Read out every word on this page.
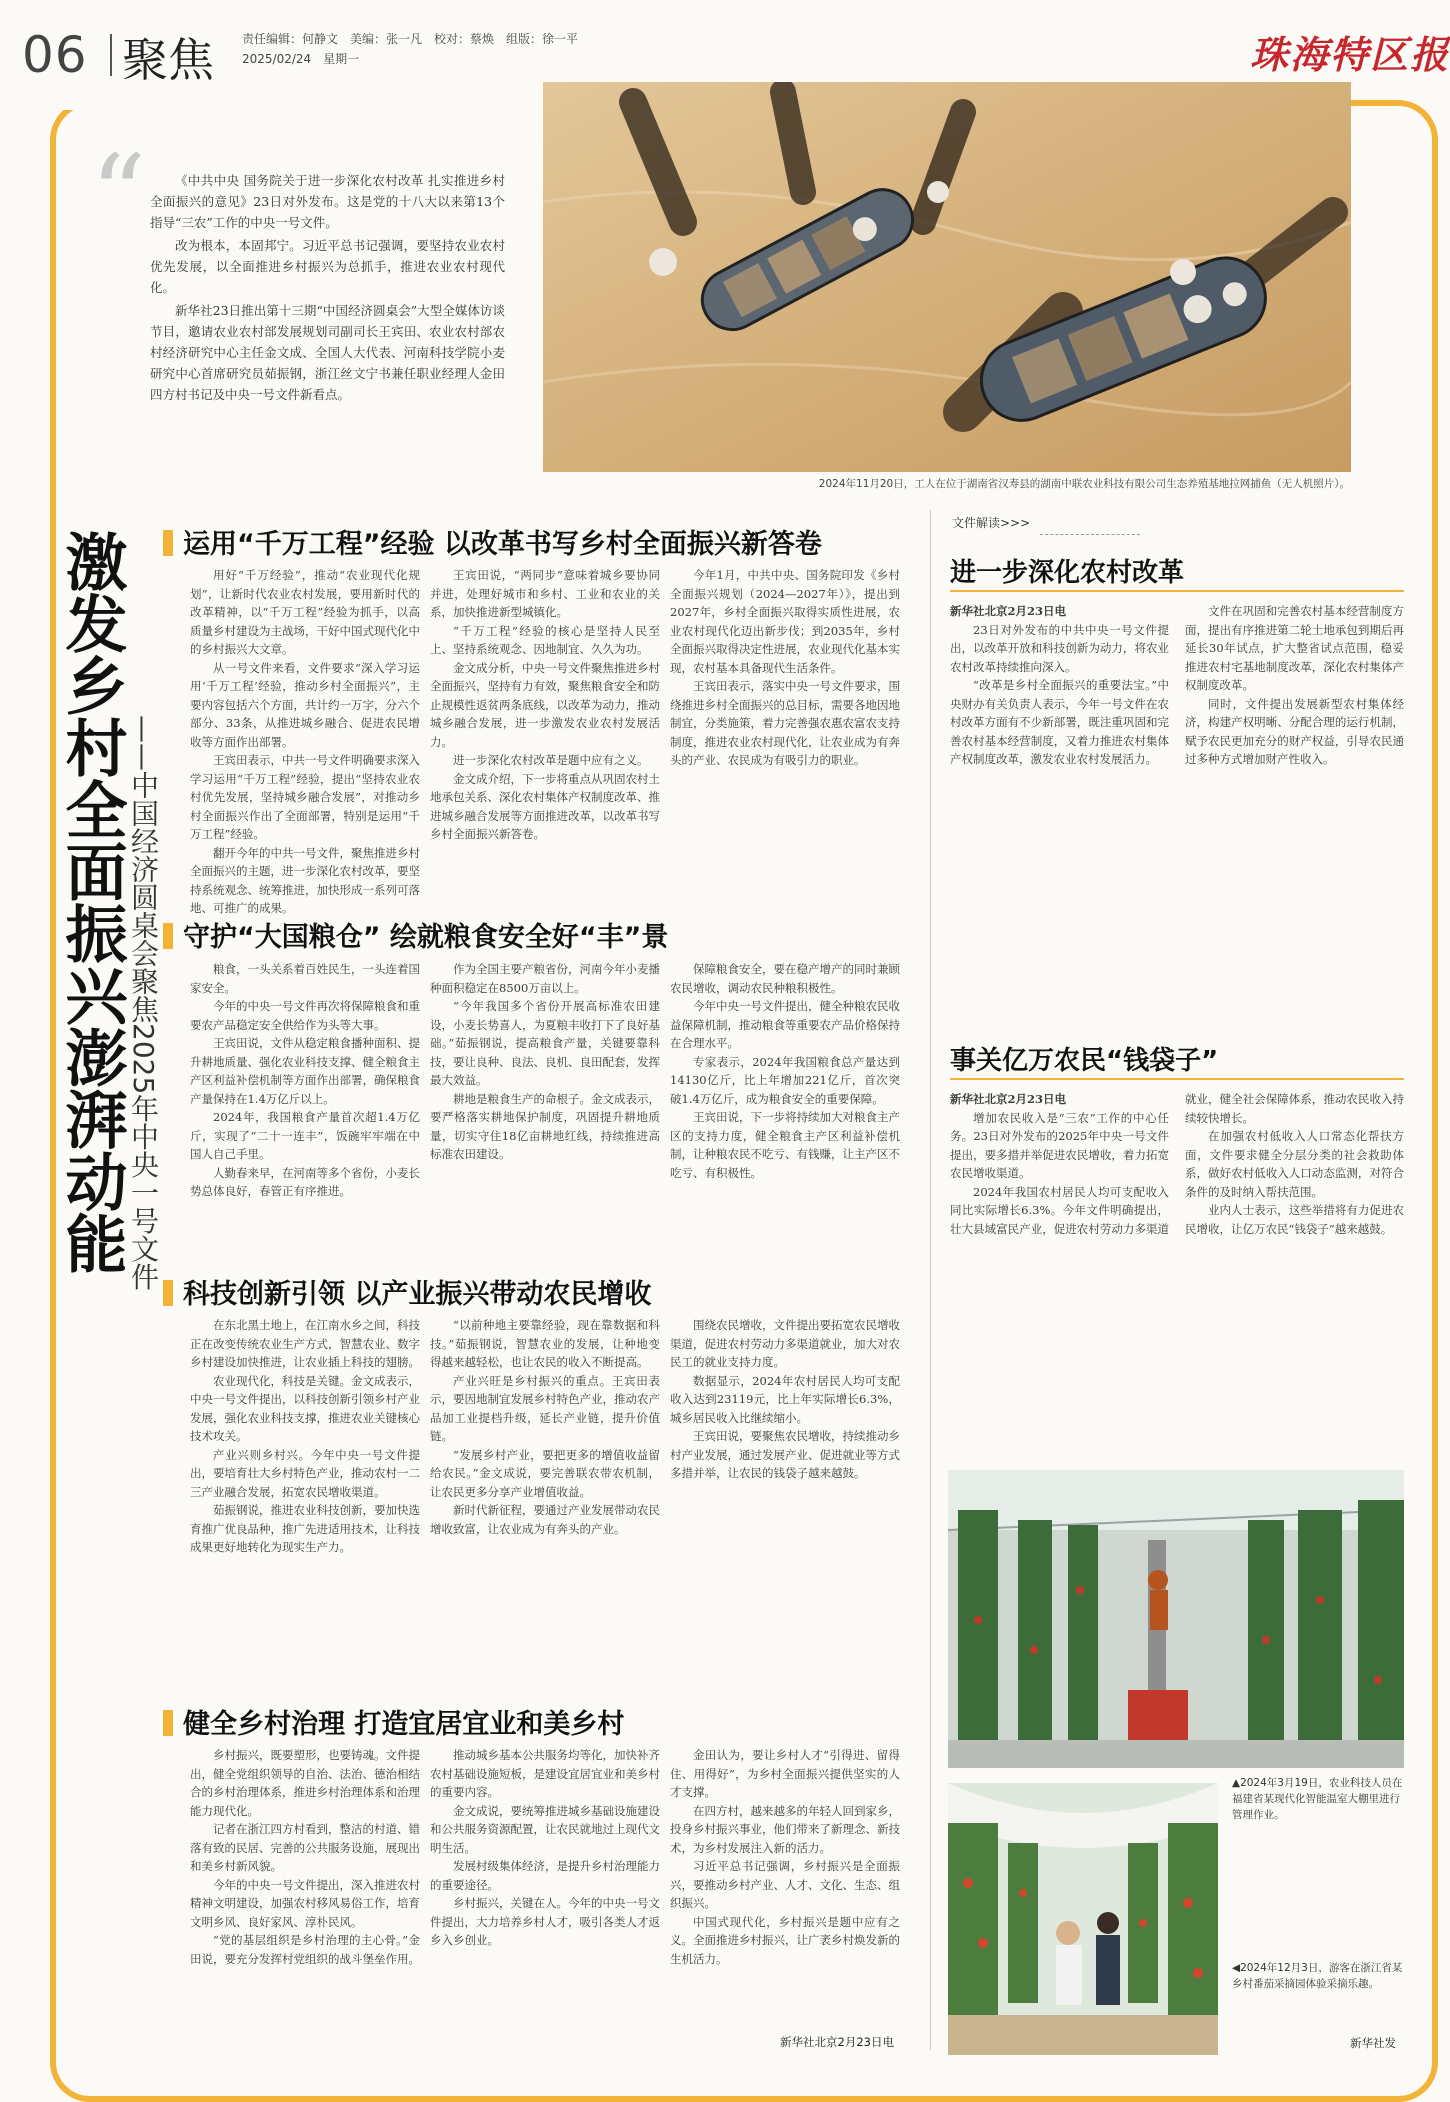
06 聚焦 责任编辑：何静文　美编：张一凡　校对：蔡焕　组版：徐一平
2025/02/24　星期一	珠海特区报
“	《中共中央 国务院关于进一步深化农村改革 扎实推进乡村全面振兴的意见》23日对外发布。这是党的十八大以来第13个指导“三农”工作的中央一号文件。

改为根本，本固邦宁。习近平总书记强调，要坚持农业农村优先发展，以全面推进乡村振兴为总抓手，推进农业农村现代化。

新华社23日推出第十三期“中国经济圆桌会”大型全媒体访谈节目，邀请农业农村部发展规划司副司长王宾田、农业农村部农村经济研究中心主任金文成、全国人大代表、河南科技学院小麦研究中心首席研究员茹振钢，浙江丝文宁书兼任职业经理人金田四方村书记及中央一号文件新看点。

2024年11月20日，工人在位于湖南省汉寿县的湖南中联农业科技有限公司生态养殖基地拉网捕鱼（无人机照片）。
激发乡村全面振兴澎湃动能 ——中国经济圆桌会聚焦2025年中央一号文件
运用“千万工程”经验 以改革书写乡村全面振兴新答卷

用好“千万经验”，推动“农业现代化规划”，让新时代农业农村发展，要用新时代的改革精神，以“千万工程”经验为抓手，以高质量乡村建设为主战场，干好中国式现代化中的乡村振兴大文章。

从一号文件来看，文件要求“深入学习运用‘千万工程’经验，推动乡村全面振兴”，主要内容包括六个方面，共计约一万字，分六个部分、33条，从推进城乡融合、促进农民增收等方面作出部署。

王宾田表示，中共一号文件明确要求深入学习运用“千万工程”经验，提出“坚持农业农村优先发展，坚持城乡融合发展”，对推动乡村全面振兴作出了全面部署，特别是运用“千万工程”经验。

翻开今年的中共一号文件，聚焦推进乡村全面振兴的主题，进一步深化农村改革，要坚持系统观念、统筹推进，加快形成一系列可落地、可推广的成果。

王宾田说，“两同步”意味着城乡要协同并进，处理好城市和乡村、工业和农业的关系，加快推进新型城镇化。

“千万工程”经验的核心是坚持人民至上、坚持系统观念、因地制宜、久久为功。

金文成分析，中央一号文件聚焦推进乡村全面振兴，坚持有力有效，聚焦粮食安全和防止规模性返贫两条底线，以改革为动力，推动城乡融合发展，进一步激发农业农村发展活力。

进一步深化农村改革是题中应有之义。

金文成介绍，下一步将重点从巩固农村土地承包关系、深化农村集体产权制度改革、推进城乡融合发展等方面推进改革，以改革书写乡村全面振兴新答卷。

今年1月，中共中央、国务院印发《乡村全面振兴规划（2024—2027年）》，提出到2027年，乡村全面振兴取得实质性进展，农业农村现代化迈出新步伐；到2035年，乡村全面振兴取得决定性进展，农业现代化基本实现，农村基本具备现代生活条件。

王宾田表示，落实中央一号文件要求，围绕推进乡村全面振兴的总目标，需要各地因地制宜，分类施策，着力完善强农惠农富农支持制度，推进农业农村现代化，让农业成为有奔头的产业、农民成为有吸引力的职业。

守护“大国粮仓” 绘就粮食安全好“丰”景

粮食，一头关系着百姓民生，一头连着国家安全。

今年的中央一号文件再次将保障粮食和重要农产品稳定安全供给作为头等大事。

王宾田说，文件从稳定粮食播种面积、提升耕地质量、强化农业科技支撑、健全粮食主产区利益补偿机制等方面作出部署，确保粮食产量保持在1.4万亿斤以上。

2024年，我国粮食产量首次超1.4万亿斤，实现了“二十一连丰”，饭碗牢牢端在中国人自己手里。

人勤春来早，在河南等多个省份，小麦长势总体良好，春管正有序推进。

作为全国主要产粮省份，河南今年小麦播种面积稳定在8500万亩以上。

“今年我国多个省份开展高标准农田建设，小麦长势喜人，为夏粮丰收打下了良好基础。”茹振钢说，提高粮食产量，关键要靠科技，要让良种、良法、良机、良田配套，发挥最大效益。

耕地是粮食生产的命根子。金文成表示，要严格落实耕地保护制度，巩固提升耕地质量，切实守住18亿亩耕地红线，持续推进高标准农田建设。

保障粮食安全，要在稳产增产的同时兼顾农民增收，调动农民种粮积极性。

今年中央一号文件提出，健全种粮农民收益保障机制，推动粮食等重要农产品价格保持在合理水平。

专家表示，2024年我国粮食总产量达到14130亿斤，比上年增加221亿斤，首次突破1.4万亿斤，成为粮食安全的重要保障。

王宾田说，下一步将持续加大对粮食主产区的支持力度，健全粮食主产区利益补偿机制，让种粮农民不吃亏、有钱赚，让主产区不吃亏、有积极性。

科技创新引领 以产业振兴带动农民增收

在东北黑土地上，在江南水乡之间，科技正在改变传统农业生产方式，智慧农业、数字乡村建设加快推进，让农业插上科技的翅膀。

农业现代化，科技是关键。金文成表示，中央一号文件提出，以科技创新引领乡村产业发展，强化农业科技支撑，推进农业关键核心技术攻关。

产业兴则乡村兴。今年中央一号文件提出，要培育壮大乡村特色产业，推动农村一二三产业融合发展，拓宽农民增收渠道。

茹振钢说，推进农业科技创新，要加快选育推广优良品种，推广先进适用技术，让科技成果更好地转化为现实生产力。

“以前种地主要靠经验，现在靠数据和科技。”茹振钢说，智慧农业的发展，让种地变得越来越轻松，也让农民的收入不断提高。

产业兴旺是乡村振兴的重点。王宾田表示，要因地制宜发展乡村特色产业，推动农产品加工业提档升级，延长产业链，提升价值链。

“发展乡村产业，要把更多的增值收益留给农民。”金文成说，要完善联农带农机制，让农民更多分享产业增值收益。

新时代新征程，要通过产业发展带动农民增收致富，让农业成为有奔头的产业。

围绕农民增收，文件提出要拓宽农民增收渠道，促进农村劳动力多渠道就业，加大对农民工的就业支持力度。

数据显示，2024年农村居民人均可支配收入达到23119元，比上年实际增长6.3%，城乡居民收入比继续缩小。

王宾田说，要聚焦农民增收，持续推动乡村产业发展，通过发展产业、促进就业等方式多措并举，让农民的钱袋子越来越鼓。

健全乡村治理 打造宜居宜业和美乡村

乡村振兴，既要塑形，也要铸魂。文件提出，健全党组织领导的自治、法治、德治相结合的乡村治理体系，推进乡村治理体系和治理能力现代化。

记者在浙江四方村看到，整洁的村道、错落有致的民居、完善的公共服务设施，展现出和美乡村新风貌。

今年的中央一号文件提出，深入推进农村精神文明建设，加强农村移风易俗工作，培育文明乡风、良好家风、淳朴民风。

“党的基层组织是乡村治理的主心骨。”金田说，要充分发挥村党组织的战斗堡垒作用。

推动城乡基本公共服务均等化，加快补齐农村基础设施短板，是建设宜居宜业和美乡村的重要内容。

金文成说，要统筹推进城乡基础设施建设和公共服务资源配置，让农民就地过上现代文明生活。

发展村级集体经济，是提升乡村治理能力的重要途径。

乡村振兴，关键在人。今年的中央一号文件提出，大力培养乡村人才，吸引各类人才返乡入乡创业。

金田认为，要让乡村人才“引得进、留得住、用得好”，为乡村全面振兴提供坚实的人才支撑。

在四方村，越来越多的年轻人回到家乡，投身乡村振兴事业，他们带来了新理念、新技术，为乡村发展注入新的活力。

习近平总书记强调，乡村振兴是全面振兴，要推动乡村产业、人才、文化、生态、组织振兴。

中国式现代化，乡村振兴是题中应有之义。全面推进乡村振兴，让广袤乡村焕发新的生机活力。

新华社北京2月23日电
文件解读>>>
进一步深化农村改革

新华社北京2月23日电

23日对外发布的中共中央一号文件提出，以改革开放和科技创新为动力，将农业农村改革持续推向深入。

“改革是乡村全面振兴的重要法宝。”中央财办有关负责人表示，今年一号文件在农村改革方面有不少新部署，既注重巩固和完善农村基本经营制度，又着力推进农村集体产权制度改革，激发农业农村发展活力。

文件在巩固和完善农村基本经营制度方面，提出有序推进第二轮土地承包到期后再延长30年试点，扩大整省试点范围，稳妥推进农村宅基地制度改革，深化农村集体产权制度改革。

同时，文件提出发展新型农村集体经济，构建产权明晰、分配合理的运行机制，赋予农民更加充分的财产权益，引导农民通过多种方式增加财产性收入。

事关亿万农民“钱袋子”

新华社北京2月23日电

增加农民收入是“三农”工作的中心任务。23日对外发布的2025年中央一号文件提出，要多措并举促进农民增收，着力拓宽农民增收渠道。

2024年我国农村居民人均可支配收入同比实际增长6.3%。今年文件明确提出，壮大县域富民产业，促进农村劳动力多渠道就业，健全社会保障体系，推动农民收入持续较快增长。

在加强农村低收入人口常态化帮扶方面，文件要求健全分层分类的社会救助体系，做好农村低收入人口动态监测，对符合条件的及时纳入帮扶范围。

业内人士表示，这些举措将有力促进农民增收，让亿万农民“钱袋子”越来越鼓。

▲2024年3月19日，农业科技人员在福建省某现代化智能温室大棚里进行管理作业。
◀2024年12月3日，游客在浙江省某乡村番茄采摘园体验采摘乐趣。
新华社发
